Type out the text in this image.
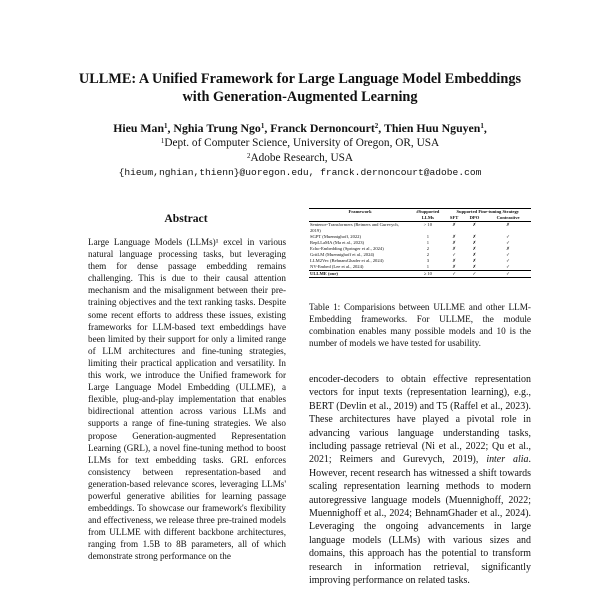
ULLME: A Unified Framework for Large Language Model Embeddings
with Generation-Augmented Learning
Hieu Man$^1$, Nghia Trung Ngo$^1$, Franck Dernoncourt$^2$, Thien Huu Nguyen$^1$,
$^1$Dept. of Computer Science, University of Oregon, OR, USA
$^2$Adobe Research, USA
{hieum,nghian,thienn}@uoregon.edu, franck.dernoncourt@adobe.com
Abstract
Large Language Models (LLMs)¹ excel in various natural language processing tasks, but leveraging them for dense passage embedding remains challenging. This is due to their causal attention mechanism and the misalignment between their pre-training objectives and the text ranking tasks. Despite some recent efforts to address these issues, existing frameworks for LLM-based text embeddings have been limited by their support for only a limited range of LLM architectures and fine-tuning strategies, limiting their practical application and versatility. In this work, we introduce the Unified framework for Large Language Model Embedding (ULLME), a flexible, plug-and-play implementation that enables bidirectional attention across various LLMs and supports a range of fine-tuning strategies. We also propose Generation-augmented Representation Learning (GRL), a novel fine-tuning method to boost LLMs for text embedding tasks. GRL enforces consistency between representation-based and generation-based relevance scores, leveraging LLMs' powerful generative abilities for learning passage embeddings. To showcase our framework's flexibility and effectiveness, we release three pre-trained models from ULLME with different backbone architectures, ranging from 1.5B to 8B parameters, all of which demonstrate strong performance on the
Framework	#Supported	Supported Fine-tuning Strategy		
	LLMs	SFT	DPO	Contrastive
Sentence-Transformers (Reimers and Gurevych, 2019)	> 10	✗	✗	✗
SGPT (Muennighoff, 2022)	1	✗	✗	✓
RepLLaMA (Ma et al., 2023)	1	✗	✗	✓
Echo-Embedding (Springer et al., 2024)	2	✗	✗	✗
GritLM (Muennighoff et al., 2024)	2	✓	✗	✓
LLM2Vec (BehnamGhader et al., 2024)	3	✗	✗	✓
NV-Embed (Lee et al., 2024)	1	✗	✗	✓
ULLME (our)	≥ 10	✓	✓	✓
Table 1: Comparisions between ULLME and other LLM-Embedding frameworks. For ULLME, the module combination enables many possible models and 10 is the number of models we have tested for usability.
encoder-decoders to obtain effective representation vectors for input texts (representation learning), e.g., BERT (Devlin et al., 2019) and T5 (Raffel et al., 2023). These architectures have played a pivotal role in advancing various language understanding tasks, including passage retrieval (Ni et al., 2022; Qu et al., 2021; Reimers and Gurevych, 2019), inter alia. However, recent research has witnessed a shift towards scaling representation learning methods to modern autoregressive language models (Muennighoff, 2022; Muennighoff et al., 2024; BehnamGhader et al., 2024). Leveraging the ongoing advancements in large language models (LLMs) with various sizes and domains, this approach has the potential to transform research in information retrieval, significantly improving performance on related tasks.
